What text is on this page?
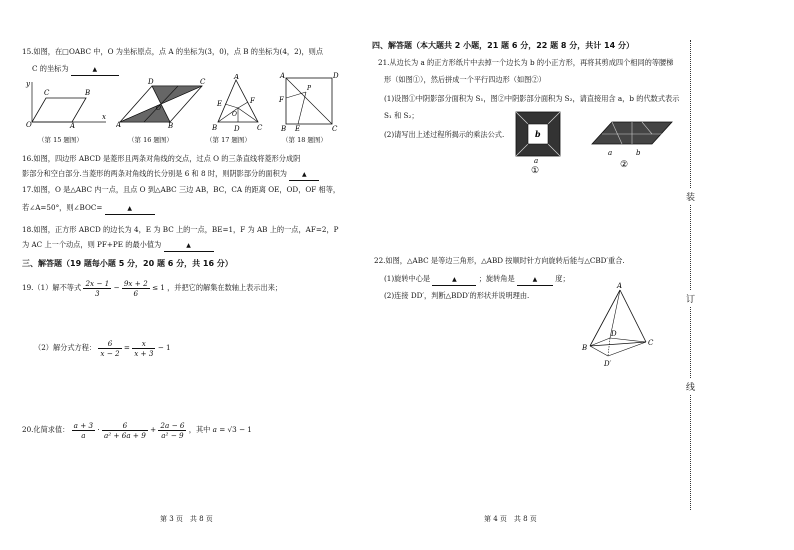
15.如图，在□OABC 中，O 为坐标原点，点 A 的坐标为(3，0)，点 B 的坐标为(4，2)，则点
C 的坐标为	▲
y
x
C	B
O	A
D	C
A	B
O
A
E	F
O
B D C
A	D
P
F
B E	C
（第 15 题图）	（第 16 题图）	（第 17 题图）	（第 18 题图）
16.如图，四边形 ABCD 是菱形且两条对角线的交点，过点 O 的三条直线将菱形分成阴
影部分和空白部分.当菱形的两条对角线的长分别是 6 和 8 时，则阴影部分的面积为 ▲
17.如图，O 是△ABC 内一点，且点 O 到△ABC 三边 AB，BC，CA 的距离 OE，OD，OF 相等，
若∠A=50°，则∠BOC=	▲
18.如图，正方形 ABCD 的边长为 4，E 为 BC 上的一点，BE=1，F 为 AB 上的一点，AF=2，P
为 AC 上一个动点，则 PF+PE 的最小值为	▲
三、解答题（19 题每小题 5 分，20 题 6 分，共 16 分）
19.（1）解不等式 $\frac{2x - 1}{3} - \frac{9x + 2}{6} \le 1$ ，并把它的解集在数轴上表示出来；
（2）解分式方程： $\frac{6}{x - 2} = \frac{x}{x + 3} - 1$
20.化简求值： $\frac{a + 3}{a} \cdot \frac{6}{\text{a² + 6a + 9}} + \frac{2a - 6}{\text{a² − 9}}$ ，其中 a = √3 − 1
第 3 页　共 8 页
四、解答题（本大题共 2 小题，21 题 6 分，22 题 8 分，共计 14 分）
21.从边长为 a 的正方形纸片中去掉一个边长为 b 的小正方形，再将其剪成四个相同的等腰梯
形（如图①），然后拼成一个平行四边形（如图②）
(1)设图①中阴影部分面积为 S₁，图②中阴影部分面积为 S₂，请直接用含 a，b 的代数式表示
S₁ 和 S₂；
(2)请写出上述过程所揭示的乘法公式.	b
a
①
a	b
②
22.如图，△ABC 是等边三角形，△ABD 按顺时针方向旋转后能与△CBD′重合.
(1)旋转中心是	▲	；旋转角是	▲ 度；
(2)连接 DD′，判断△BDD′的形状并说明理由.
A
D
B
C
D′
第 4 页　共 8 页
装
订
线
